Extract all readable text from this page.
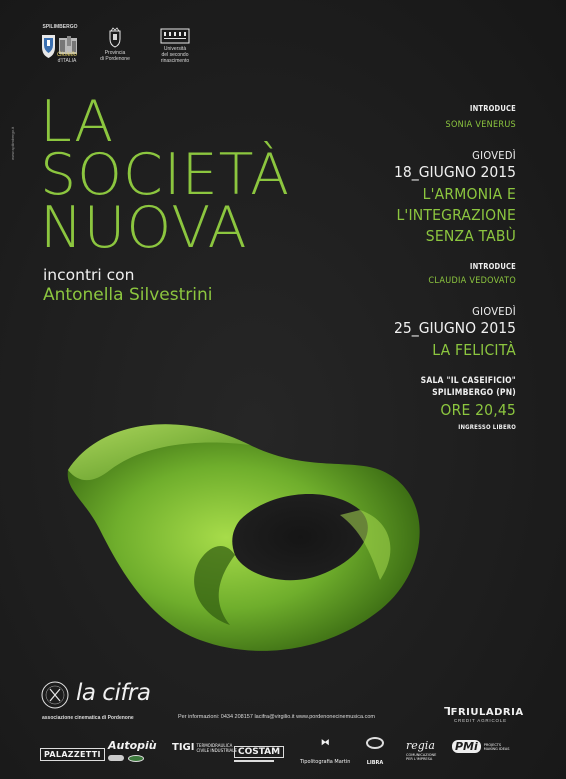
SPILIMBERGO
Gioiello
d'ITALIA
Provincia
di Pordenone
Università
del secondo
rinascimento
www.spilimbergo.it LA
SOCIETÀ
NUOVA
incontri con
Antonella Silvestrini
INTRODUCE
SONIA VENERUS
GIOVEDÌ
18_GIUGNO 2015
L'ARMONIA E
L'INTEGRAZIONE
SENZA TABÙ
INTRODUCE
CLAUDIA VEDOVATO
GIOVEDÌ
25_GIUGNO 2015
LA FELICITÀ
SALA "IL CASEIFICIO"
SPILIMBERGO (PN)
ORE 20,45
INGRESSO LIBERO
la cifra
associazione cinematica di Pordenone	Per informazioni: 0434 208157 lacifra@virgilio.it www.pordenonecinemusica.com	⅂FRIULADRIA
CREDIT AGRICOLE
PALAZZETTI
Autopiù TIGI TERMOIDRAULICA
CIVILE INDUSTRIALE COSTAM
⧓
Tipolitografia Martin	LIBRA
regia
COMUNICAZIONE PER L'IMPRESA
PMi	PROJECTS MAKING IDEAS
